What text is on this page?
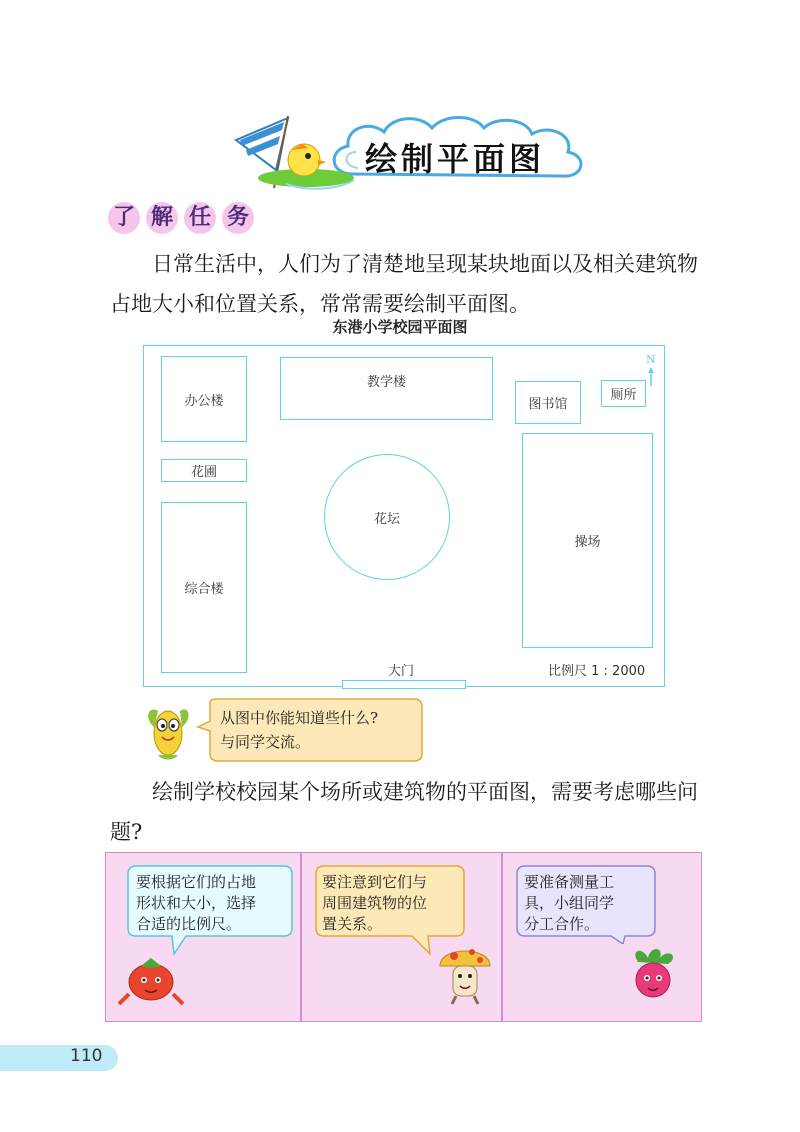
绘制平面图
了 解 任 务
日常生活中，人们为了清楚地呈现某块地面以及相关建筑物占地大小和位置关系，常常需要绘制平面图。
东港小学校园平面图
办公楼
教学楼
图书馆
厕所
花圃
花坛
操场
综合楼
大门	比例尺 1 : 2000
N
从图中你能知道些什么?
与同学交流。
绘制学校校园某个场所或建筑物的平面图，需要考虑哪些问题?
要根据它们的占地
形状和大小，选择
合适的比例尺。
要注意到它们与
周围建筑物的位
置关系。
要准备测量工
具，小组同学
分工合作。
110
